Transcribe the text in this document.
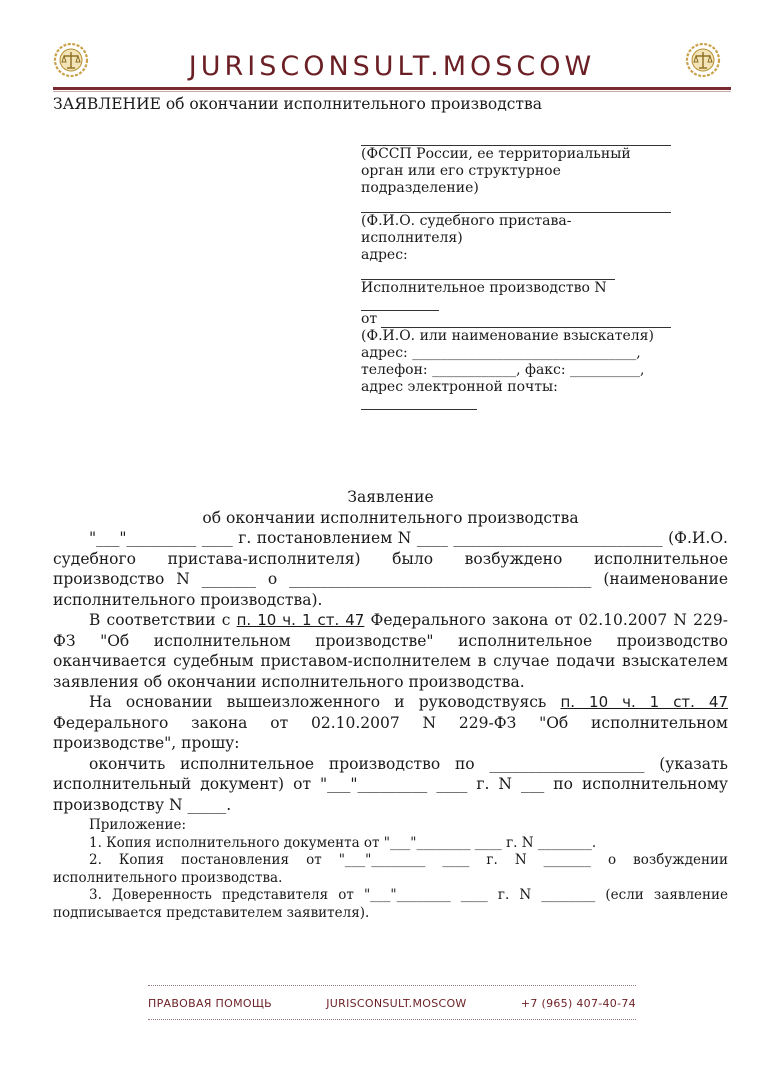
JURISCONSULT.MOSCOW
ЗАЯВЛЕНИЕ об окончании исполнительного производства

(ФССП России, ее территориальный орган или его структурное подразделение)

(Ф.И.О. судебного пристава-исполнителя)

адрес:

Исполнительное производство N

от

(Ф.И.О. или наименование взыскателя)

адрес: ________________________________,

телефон: ____________, факс: __________,

адрес электронной почты:

Заявление

об окончании исполнительного производства

"___"_________ ____ г. постановлением N ____ ___________________________ (Ф.И.О. судебного пристава-исполнителя) было возбуждено исполнительное производство N _______ о _______________________________________ (наименование исполнительного производства).

В соответствии с п. 10 ч. 1 ст. 47 Федерального закона от 02.10.2007 N 229-ФЗ "Об исполнительном производстве" исполнительное производство оканчивается судебным приставом-исполнителем в случае подачи взыскателем заявления об окончании исполнительного производства.

На основании вышеизложенного и руководствуясь п. 10 ч. 1 ст. 47 Федерального закона от 02.10.2007 N 229-ФЗ "Об исполнительном производстве", прошу:

окончить исполнительное производство по ____________________ (указать исполнительный документ) от "___"_________ ____ г. N ___ по исполнительному производству N _____.

Приложение:

1. Копия исполнительного документа от "___"________ ____ г. N ________.

2. Копия постановления от "___"________ ____ г. N _______ о возбуждении исполнительного производства.

3. Доверенность представителя от "___"________ ____ г. N ________ (если заявление подписывается представителем заявителя).

ПРАВОВАЯ ПОМОЩЬ	JURISCONSULT.MOSCOW	+7 (965) 407-40-74
